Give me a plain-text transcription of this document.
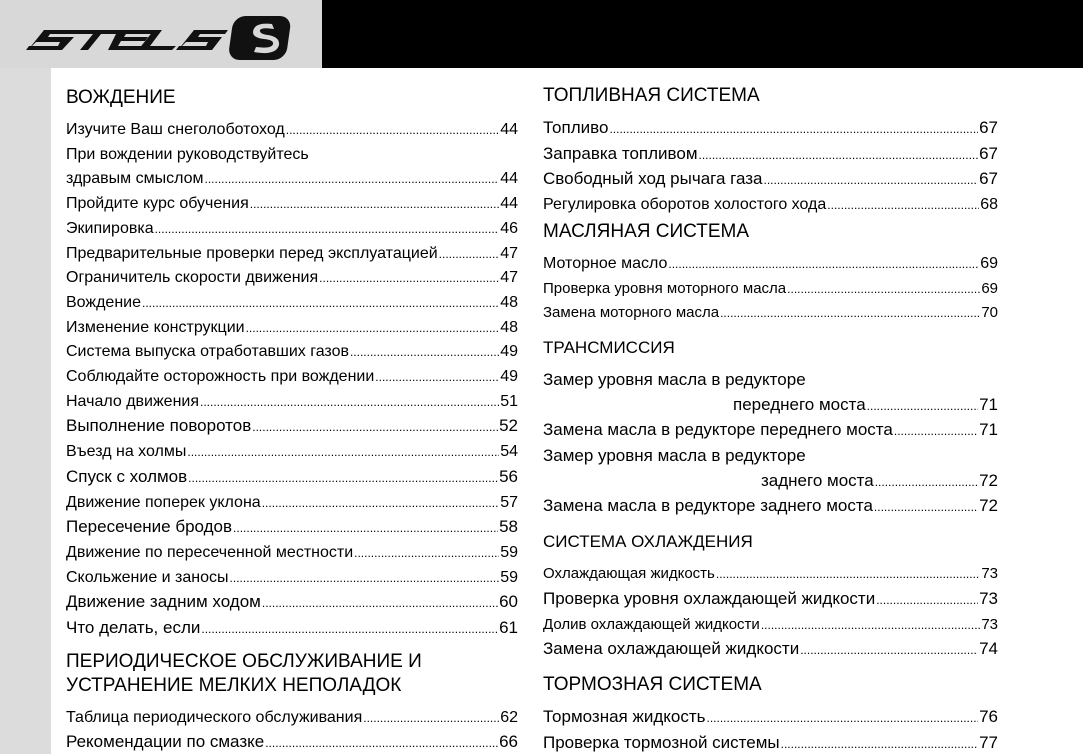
STELS
ВОЖДЕНИЕ
Изучите Ваш снеголоботоход .....	44
При вождении руководствуйтесь
здравым смыслом .....	44
Пройдите курс обучения .....	44
Экипировка .....	46
Предварительные проверки перед эксплуатацией .....	47
Ограничитель скорости движения .....	47
Вождение .....	48
Изменение конструкции .....	48
Система выпуска отработавших газов .....	49
Соблюдайте осторожность при вождении .....	49
Начало движения .....	51
Выполнение поворотов .....	52
Въезд на холмы .....	54
Спуск с холмов .....	56
Движение поперек уклона .....	57
Пересечение бродов .....	58
Движение по пересеченной местности .....	59
Скольжение и заносы .....	59
Движение задним ходом .....	60
Что делать, если .....	61
ПЕРИОДИЧЕСКОЕ ОБСЛУЖИВАНИЕ И
УСТРАНЕНИЕ МЕЛКИХ НЕПОЛАДОК
Таблица периодического обслуживания .....	62
Рекомендации по смазке .....	66
ТОПЛИВНАЯ СИСТЕМА
Топливо .....	67
Заправка топливом .....	67
Свободный ход рычага газа .....	67
Регулировка оборотов холостого хода .....	68
МАСЛЯНАЯ СИСТЕМА
Моторное масло .....	69
Проверка уровня моторного масла .....	69
Замена моторного масла .....	70
ТРАНСМИССИЯ
Замер уровня масла в редукторе
переднего моста .....	71
Замена масла в редукторе переднего моста .....	71
Замер уровня масла в редукторе
заднего моста .....	72
Замена масла в редукторе заднего моста .....	72
СИСТЕМА ОХЛАЖДЕНИЯ
Охлаждающая жидкость .....	73
Проверка уровня охлаждающей жидкости .....	73
Долив охлаждающей жидкости .....	73
Замена охлаждающей жидкости .....	74
ТОРМОЗНАЯ СИСТЕМА
Тормозная жидкость .....	76
Проверка тормозной системы .....	77
